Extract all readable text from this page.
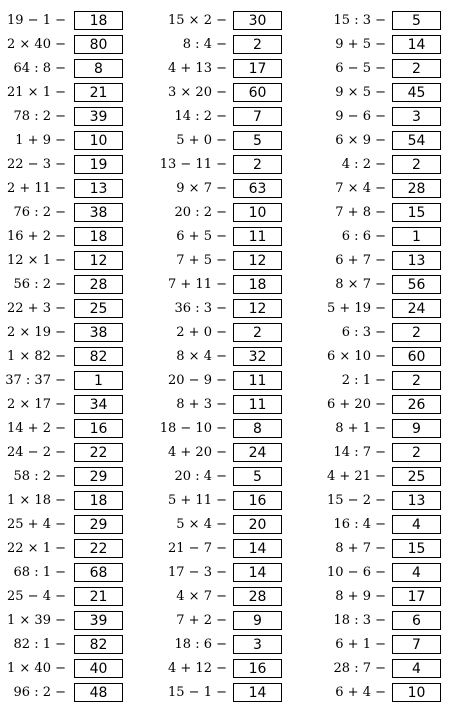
19 − 1 −	18
2 × 40 −	80
64 : 8 −	8
21 × 1 −	21
78 : 2 −	39
1 + 9 −	10
22 − 3 −	19
2 + 11 −	13
76 : 2 −	38
16 + 2 −	18
12 × 1 −	12
56 : 2 −	28
22 + 3 −	25
2 × 19 −	38
1 × 82 −	82
37 : 37 −	1
2 × 17 −	34
14 + 2 −	16
24 − 2 −	22
58 : 2 −	29
1 × 18 −	18
25 + 4 −	29
22 × 1 −	22
68 : 1 −	68
25 − 4 −	21
1 × 39 −	39
82 : 1 −	82
1 × 40 −	40
96 : 2 −	48
15 × 2 −	30
8 : 4 −	2
4 + 13 −	17
3 × 20 −	60
14 : 2 −	7
5 + 0 −	5
13 − 11 −	2
9 × 7 −	63
20 : 2 −	10
6 + 5 −	11
7 + 5 −	12
7 + 11 −	18
36 : 3 −	12
2 + 0 −	2
8 × 4 −	32
20 − 9 −	11
8 + 3 −	11
18 − 10 −	8
4 + 20 −	24
20 : 4 −	5
5 + 11 −	16
5 × 4 −	20
21 − 7 −	14
17 − 3 −	14
4 × 7 −	28
7 + 2 −	9
18 : 6 −	3
4 + 12 −	16
15 − 1 −	14
15 : 3 −	5
9 + 5 −	14
6 − 5 −	2
9 × 5 −	45
9 − 6 −	3
6 × 9 −	54
4 : 2 −	2
7 × 4 −	28
7 + 8 −	15
6 : 6 −	1
6 + 7 −	13
8 × 7 −	56
5 + 19 −	24
6 : 3 −	2
6 × 10 −	60
2 : 1 −	2
6 + 20 −	26
8 + 1 −	9
14 : 7 −	2
4 + 21 −	25
15 − 2 −	13
16 : 4 −	4
8 + 7 −	15
10 − 6 −	4
8 + 9 −	17
18 : 3 −	6
6 + 1 −	7
28 : 7 −	4
6 + 4 −	10
